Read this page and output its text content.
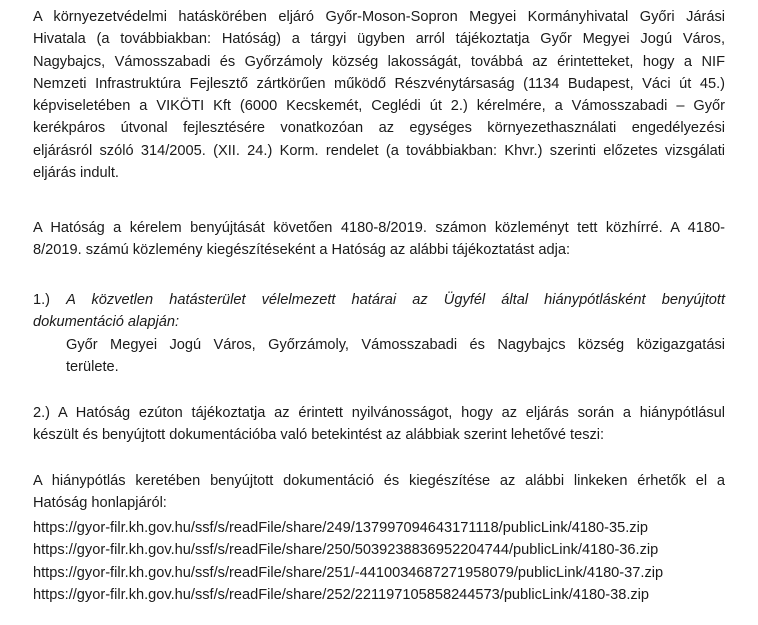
A környezetvédelmi hatáskörében eljáró Győr-Moson-Sopron Megyei Kormányhivatal Győri Járási
Hivatala (a továbbiakban: Hatóság) a tárgyi ügyben arról tájékoztatja Győr Megyei Jogú Város,
Nagybajcs, Vámosszabadi és Győrzámoly község lakosságát, továbbá az érintetteket, hogy a NIF
Nemzeti Infrastruktúra Fejlesztő zártkörűen működő Részvénytársaság (1134 Budapest, Váci út 45.)
képviseletében a VIKÖTI Kft (6000 Kecskemét, Ceglédi út 2.) kérelmére, a Vámosszabadi – Győr
kerékpáros útvonal fejlesztésére vonatkozóan az egységes környezethasználati engedélyezési
eljárásról szóló 314/2005. (XII. 24.) Korm. rendelet (a továbbiakban: Khvr.) szerinti előzetes vizsgálati
eljárás indult.
A Hatóság a kérelem benyújtását követően 4180-8/2019. számon közleményt tett közhírré. A 4180-
8/2019. számú közlemény kiegészítéseként a Hatóság az alábbi tájékoztatást adja:
1.) A közvetlen hatásterület vélelmezett határai az Ügyfél által hiánypótlásként benyújtott
dokumentáció alapján:
Győr Megyei Jogú Város, Győrzámoly, Vámosszabadi és Nagybajcs község közigazgatási
területe.
2.) A Hatóság ezúton tájékoztatja az érintett nyilvánosságot, hogy az eljárás során a hiánypótlásul
készült és benyújtott dokumentációba való betekintést az alábbiak szerint lehetővé teszi:
A hiánypótlás keretében benyújtott dokumentáció és kiegészítése az alábbi linkeken érhetők el a
Hatóság honlapjáról:
https://gyor-filr.kh.gov.hu/ssf/s/readFile/share/249/137997094643171118/publicLink/4180-35.zip
https://gyor-filr.kh.gov.hu/ssf/s/readFile/share/250/5039238836952204744/publicLink/4180-36.zip
https://gyor-filr.kh.gov.hu/ssf/s/readFile/share/251/-4410034687271958079/publicLink/4180-37.zip
https://gyor-filr.kh.gov.hu/ssf/s/readFile/share/252/221197105858244573/publicLink/4180-38.zip
